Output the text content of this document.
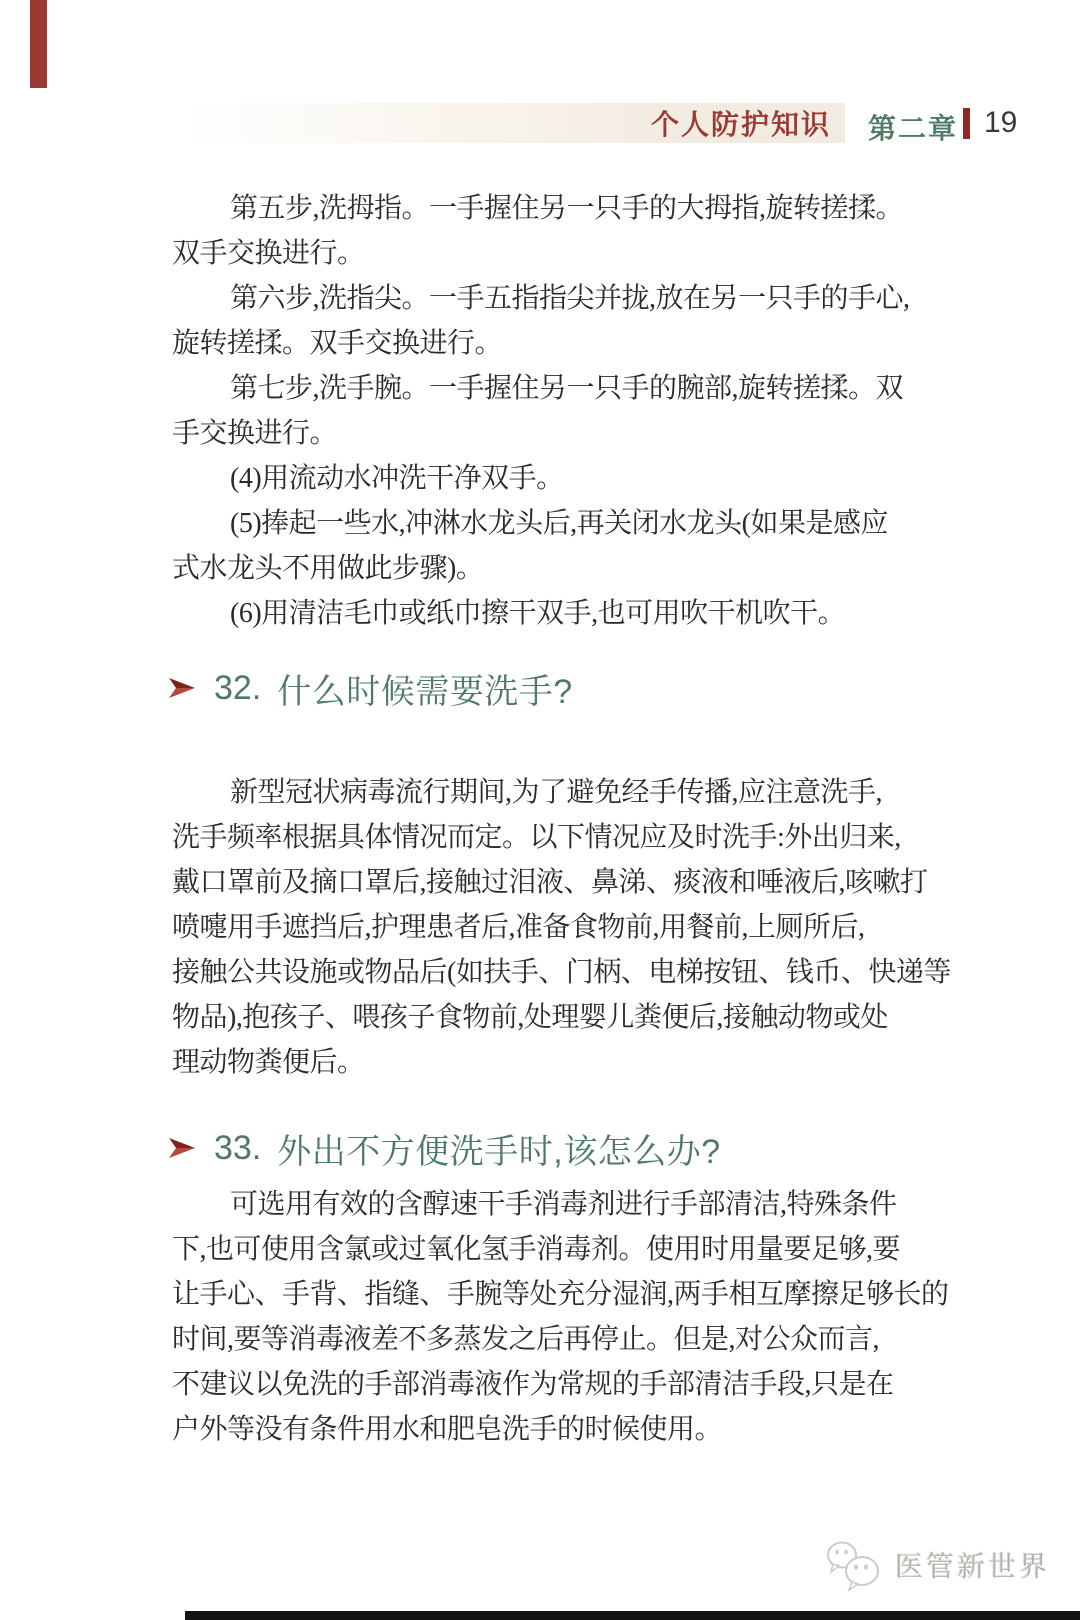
个人防护知识 第二章 19
第五步,洗拇指。一手握住另一只手的大拇指,旋转搓揉。
双手交换进行。
第六步,洗指尖。一手五指指尖并拢,放在另一只手的手心,
旋转搓揉。双手交换进行。
第七步,洗手腕。一手握住另一只手的腕部,旋转搓揉。双
手交换进行。
(4)用流动水冲洗干净双手。
(5)捧起一些水,冲淋水龙头后,再关闭水龙头(如果是感应
式水龙头不用做此步骤)。
(6)用清洁毛巾或纸巾擦干双手,也可用吹干机吹干。
32. 什么时候需要洗手?
新型冠状病毒流行期间,为了避免经手传播,应注意洗手,
洗手频率根据具体情况而定。以下情况应及时洗手:外出归来,
戴口罩前及摘口罩后,接触过泪液、鼻涕、痰液和唾液后,咳嗽打
喷嚏用手遮挡后,护理患者后,准备食物前,用餐前,上厕所后,
接触公共设施或物品后(如扶手、门柄、电梯按钮、钱币、快递等
物品),抱孩子、喂孩子食物前,处理婴儿粪便后,接触动物或处
理动物粪便后。
33. 外出不方便洗手时,该怎么办?
可选用有效的含醇速干手消毒剂进行手部清洁,特殊条件
下,也可使用含氯或过氧化氢手消毒剂。使用时用量要足够,要
让手心、手背、指缝、手腕等处充分湿润,两手相互摩擦足够长的
时间,要等消毒液差不多蒸发之后再停止。但是,对公众而言,
不建议以免洗的手部消毒液作为常规的手部清洁手段,只是在
户外等没有条件用水和肥皂洗手的时候使用。
医管新世界
